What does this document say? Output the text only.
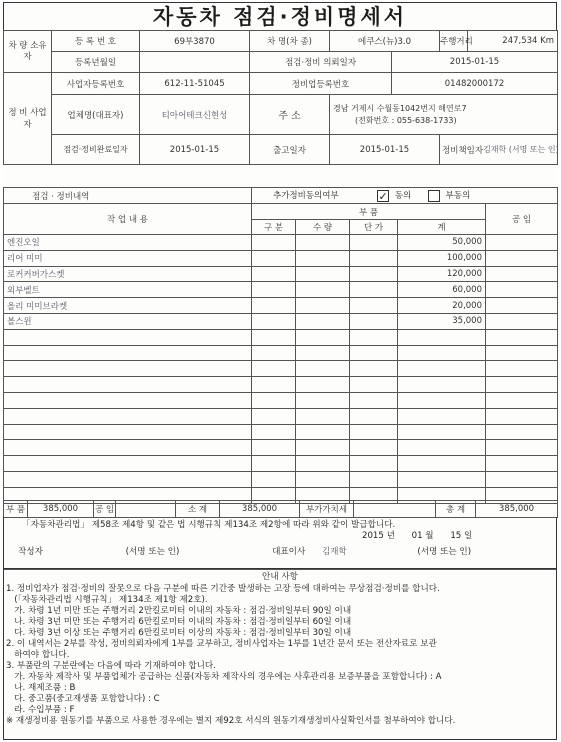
자동차 점검·정비명세서
차 량 소유자	등 록 번 호	69부3870	차 명(차 종)	에쿠스(뉴)3.0		주행거리	247,534 Km
	등록년월일		점검·정비 의뢰일자		2015-01-15		
정 비 사업자	사업자등록번호	612-11-51045	정비업등록번호		01482000172		
	업체명(대표자)	티아어테크신현성	주 소	경남 거제시 수월동1042번지 해연로7
(전화번호 : 055-638-1733)			

	점검·정비완료일자	2015-01-15	출고일자	2015-01-15		정비책임자 김재학 (서명 또는 인)	
점검 · 정비내역	추가정비동의여부 ✓ 동의 부동의				
작 업 내 용	부 품				공 임
	구 분	수 량	단 가	계	
엔진오일				50,000	
리어 미미				100,000	
로커커버가스켓				120,000	
외부벨트				60,000	
올리 미미브라켓				20,000	
볼스윈				35,000	

부 품	385,000	공 임		소 계	385,000	부가가치세		총 계	385,000
「자동차관리법」 제58조 제4항 및 같은 법 시행규칙 제134조 제2항에 따라 위와 같이 발급합니다.
2015 년 01 월 15 일
작성자	(서명 또는 인)	대표이사 김재학	(서명 또는 인)
안내 사항
1. 정비업자가 점검·정비의 잘못으로 다음 구분에 따른 기간중 발생하는 고장 등에 대하여는 무상점검·정비를 합니다.
(「자동차관리법 시행규칙」 제134조 제1항 제2호).
가. 차령 1년 미만 또는 주행거리 2만킬로미터 이내의 자동차 : 점검·정비일부터 90일 이내
나. 차령 3년 미만 또는 주행거리 6만킬로미터 이내의 자동차 : 점검·정비일부터 60일 이내
다. 차령 3년 이상 또는 주행거리 6만킬로미터 이상의 자동차 : 점검·정비일부터 30일 이내
2. 이 내역서는 2부를 작성, 정비의뢰자에게 1부를 교부하고, 정비사업자는 1부를 1년간 문서 또는 전산자료로 보관
하여야 합니다.
3. 부품란의 구분란에는 다음에 따라 기재하여야 합니다.
가. 자동차 제작사 및 부품업체가 공급하는 신품(자동차 제작사의 경우에는 사후관리용 보증부품을 포함합니다) : A
나. 재제조품 : B
다. 중고품(중고재생품 포함합니다) : C
라. 수입부품 : F
※ 재생정비용 원동기를 부품으로 사용한 경우에는 별지 제92호 서식의 원동기재생정비사실확인서를 첨부하여야 합니다.
